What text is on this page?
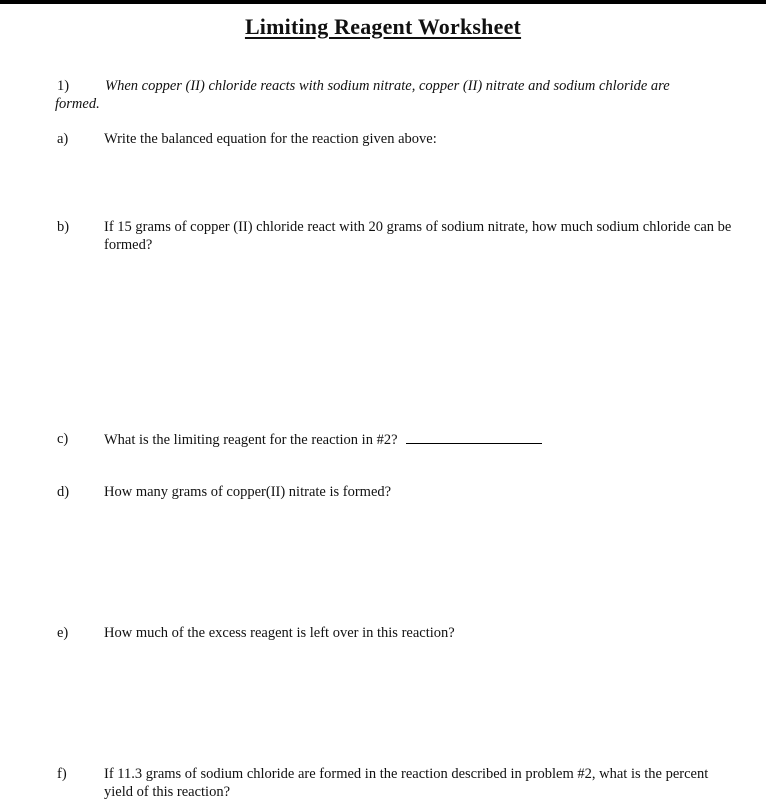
Limiting Reagent Worksheet
1) When copper (II) chloride reacts with sodium nitrate, copper (II) nitrate and sodium chloride are
formed.
a) Write the balanced equation for the reaction given above:
b) If 15 grams of copper (II) chloride react with 20 grams of sodium nitrate, how much sodium chloride can be formed?
c) What is the limiting reagent for the reaction in #2?
d) How many grams of copper(II) nitrate is formed?
e) How much of the excess reagent is left over in this reaction?
f)	If 11.3 grams of sodium chloride are formed in the reaction described in problem #2, what is the percent yield of this reaction?
